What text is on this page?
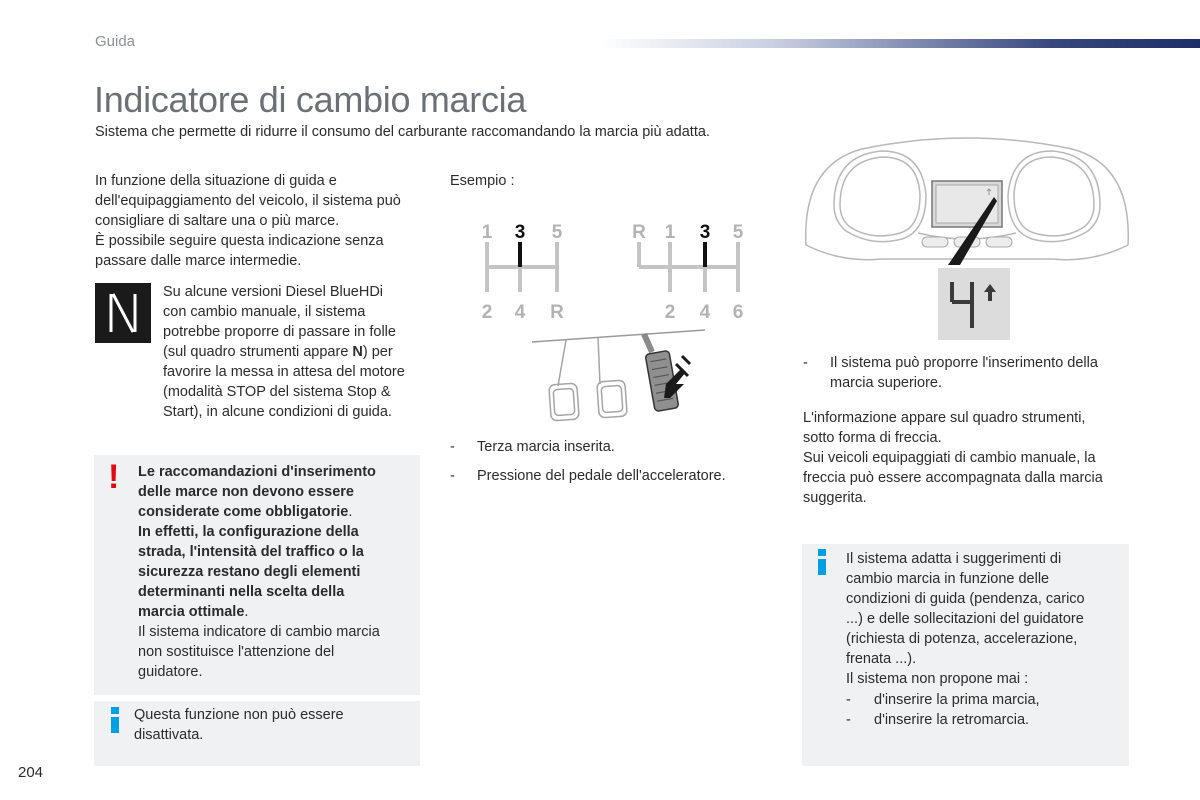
Guida
Indicatore di cambio marcia
Sistema che permette di ridurre il consumo del carburante raccomandando la marcia più adatta.
In funzione della situazione di guida e
dell'equipaggiamento del veicolo, il sistema può
consigliare di saltare una o più marce.
È possibile seguire questa indicazione senza
passare dalle marce intermedie.
Su alcune versioni Diesel BlueHDi
con cambio manuale, il sistema
potrebbe proporre di passare in folle
(sul quadro strumenti appare N) per
favorire la messa in attesa del motore
(modalità STOP del sistema Stop &
Start), in alcune condizioni di guida.
! Le raccomandazioni d'inserimento
delle marce non devono essere
considerate come obbligatorie.
In effetti, la configurazione della
strada, l'intensità del traffico o la
sicurezza restano degli elementi
determinanti nella scelta della
marcia ottimale.
Il sistema indicatore di cambio marcia
non sostituisce l'attenzione del
guidatore.
Questa funzione non può essere
disattivata.
Esempio :
1 3 5
2 4 R
R 1 3 5
2 4 6
- Terza marcia inserita.
- Pressione del pedale dell'acceleratore.
- Il sistema può proporre l'inserimento della
marcia superiore.
L'informazione appare sul quadro strumenti,
sotto forma di freccia.
Sui veicoli equipaggiati di cambio manuale, la
freccia può essere accompagnata dalla marcia
suggerita.
Il sistema adatta i suggerimenti di
cambio marcia in funzione delle
condizioni di guida (pendenza, carico
...) e delle sollecitazioni del guidatore
(richiesta di potenza, accelerazione,
frenata ...).
Il sistema non propone mai :
- d'inserire la prima marcia,
- d'inserire la retromarcia.
204
